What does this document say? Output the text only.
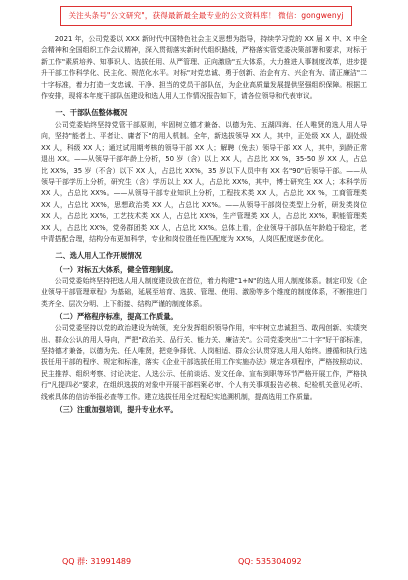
关注头条号"公文研究"，获得最新最全最专业的公文资料库！ 微信：gongwenyj

2021 年，公司党委以 XXX 新时代中国特色社会主义思想为指导，持续学习党的 XX 届 X 中、X 中全会精神和全国组织工作会议精神，深入贯彻落实新时代组织路线，严格落实管党委决策部署和要求，对标于新工作"素质培养、知事识人、选拔任用、从严管理、正向激励"五大体系，大力推进人事制度改革，进步提升干部工作科学化、民主化、规范化水平。对标"对党忠诚、勇于创新、治企有方、兴企有为、清正廉洁"二十字标准，着力打造一支忠诚、干净、担当的党员干部队伍，为企业高质量发展提供坚强组织保障。根据工作安排，现将本年度干部队伍建设和选人用人工作情况报告如下，请各位领导和代表审议。

一、干部队伍整体概况

公司党委始终坚持党管干部原则，牢固树立德才兼备、以德为先、五湖四海、任人唯贤的选人用人导向，坚持"能者上、平者让、庸者下"的用人机制。全年，新选拔领导 XX 人，其中，正处级 XX 人，副处级 XX 人，科级 XX 人；通过试用期考核的领导干部 XX 人；解聘（免去）领导干部 XX 人，其中，到龄正常退出 XX。——从领导干部年龄上分析，50 岁（含）以上 XX 人，占总比 XX %，35-50 岁 XX 人，占总比 XX%，35 岁（不含）以下 XX 人，占总比 XX%，35 岁以下人员中有 XX 名"90"后领导干部。——从领导干部学历上分析，研究生（含）学历以上 XX 人，占总比 XX%，其中，博士研究生 XX 人；本科学历 XX 人，占总比 XX%。——从领导干部专业知识上分析，工程技术类 XX 人，占总比 XX %，工商管理类 XX 人，占总比 XX%，思想政治类 XX 人，占总比 XX%。——从领导干部岗位类型上分析，研发类岗位 XX 人，占总比 XX%，工艺技术类 XX 人，占总比 XX%，生产管理类 XX 人，占总比 XX%，职能管理类 XX 人，占总比 XX%，党务群团类 XX 人，占总比 XX%。总体上看，企业领导干部队伍年龄趋于稳定，老中青搭配合理，结构分布更加科学，专业和岗位胜任性匹配度为 XX%，人岗匹配度逐步优化。

二、选人用人工作开展情况

（一）对标五大体系，健全管理制度。

公司党委始终坚持把选人用人制度建设放在首位，着力构建"1+N"的选人用人制度体系。制定印发《企业领导干部管理章程》为基础，延展至培育、选拔、管理、使用、激励等多个维度的制度体系，不断推进门类齐全、层次分明、上下衔接、结构严谨的制度体系。

（二）严格程序标准，提高工作质量。

公司党委坚持以党的政治建设为统领，充分发挥组织领导作用，牢牢树立忠诚担当、敢闯创新、实绩突出、群众公认的用人导向，严把"政治关、品行关、能力关、廉洁关"。公司党委突出"二十字"好干部标准，坚持德才兼备，以德为先、任人唯贤，把竞争择优、人岗相适、群众公认贯穿选人用人始终。遵循和执行选拔任用干部的程序、规定和标准，落实《企业干部选拔任用工作实施办法》规定各项程序，严格按照动议、民主推荐、组织考察、讨论决定、人选公示、任前谈话、发文任命、宣布到职等环节严格开展工作，严格执行"凡提四必"要求，在组织选拔的对象中开展干部档案必审、个人有关事项报告必核、纪检机关意见必听、线索具体的信访举报必查等工作。建立选拔任用全过程纪实追溯机制，提高选用工作质量。

（三）注重加强培训，提升专业水平。

QQ 群: 31991489	QQ: 535304092
